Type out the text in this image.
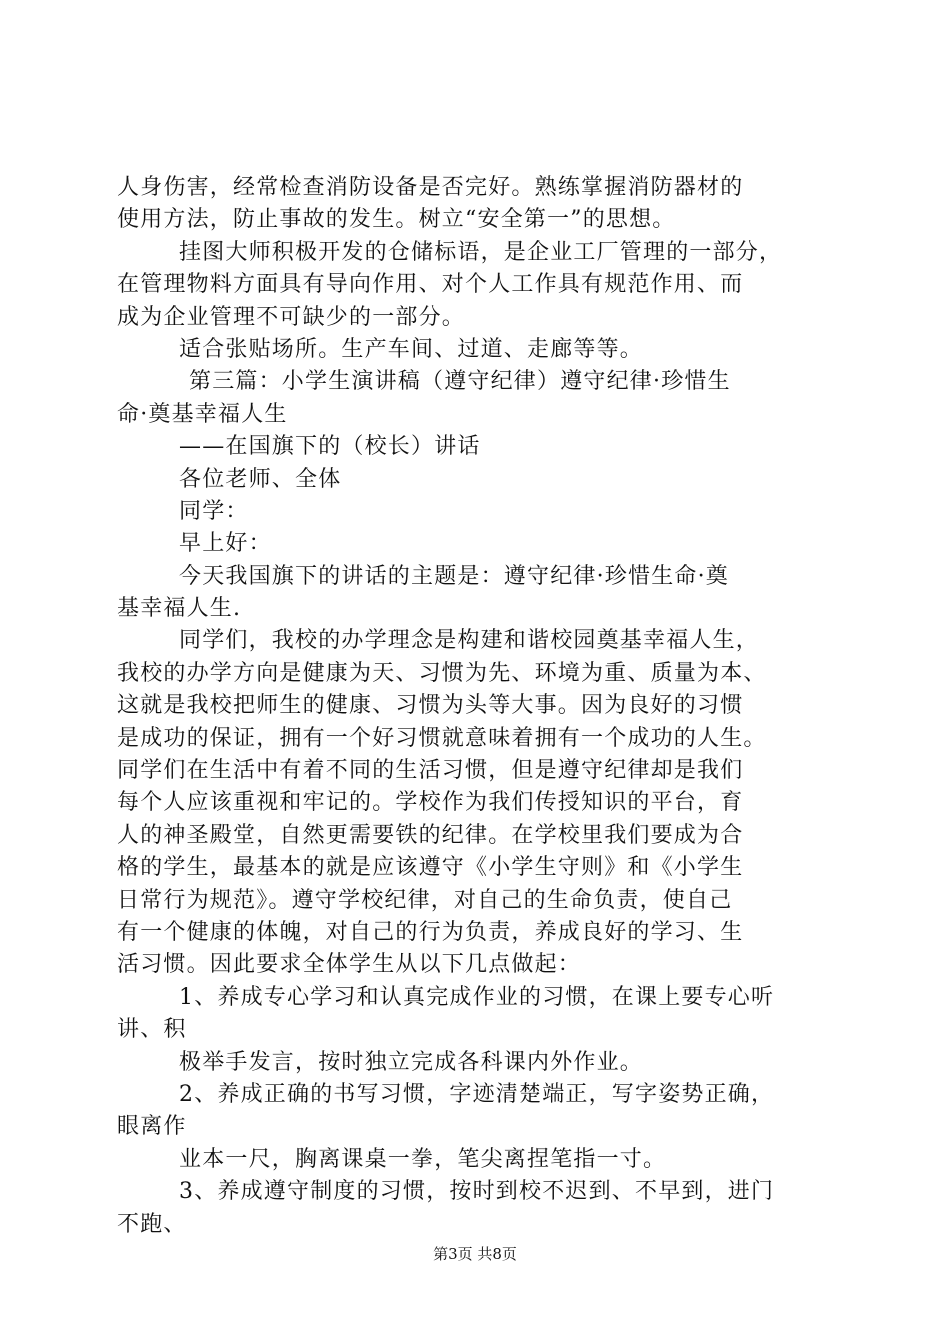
人身伤害，经常检查消防设备是否完好。熟练掌握消防器材的
使用方法，防止事故的发生。树立“安全第一”的思想。
挂图大师积极开发的仓储标语，是企业工厂管理的一部分，
在管理物料方面具有导向作用、对个人工作具有规范作用、而
成为企业管理不可缺少的一部分。
适合张贴场所。生产车间、过道、走廊等等。
第三篇：小学生演讲稿（遵守纪律）遵守纪律·珍惜生
命·奠基幸福人生
——在国旗下的（校长）讲话
各位老师、全体
同学：
早上好：
今天我国旗下的讲话的主题是：遵守纪律·珍惜生命·奠
基幸福人生.
同学们，我校的办学理念是构建和谐校园奠基幸福人生，
我校的办学方向是健康为天、习惯为先、环境为重、质量为本、
这就是我校把师生的健康、习惯为头等大事。因为良好的习惯
是成功的保证，拥有一个好习惯就意味着拥有一个成功的人生。
同学们在生活中有着不同的生活习惯，但是遵守纪律却是我们
每个人应该重视和牢记的。学校作为我们传授知识的平台，育
人的神圣殿堂，自然更需要铁的纪律。在学校里我们要成为合
格的学生，最基本的就是应该遵守《小学生守则》和《小学生
日常行为规范》。遵守学校纪律，对自己的生命负责，使自己
有一个健康的体魄，对自己的行为负责，养成良好的学习、生
活习惯。因此要求全体学生从以下几点做起：
1、养成专心学习和认真完成作业的习惯，在课上要专心听
讲、积
极举手发言，按时独立完成各科课内外作业。
2、养成正确的书写习惯，字迹清楚端正，写字姿势正确，
眼离作
业本一尺，胸离课桌一拳，笔尖离捏笔指一寸。
3、养成遵守制度的习惯，按时到校不迟到、不早到，进门
不跑、
第3页 共8页
